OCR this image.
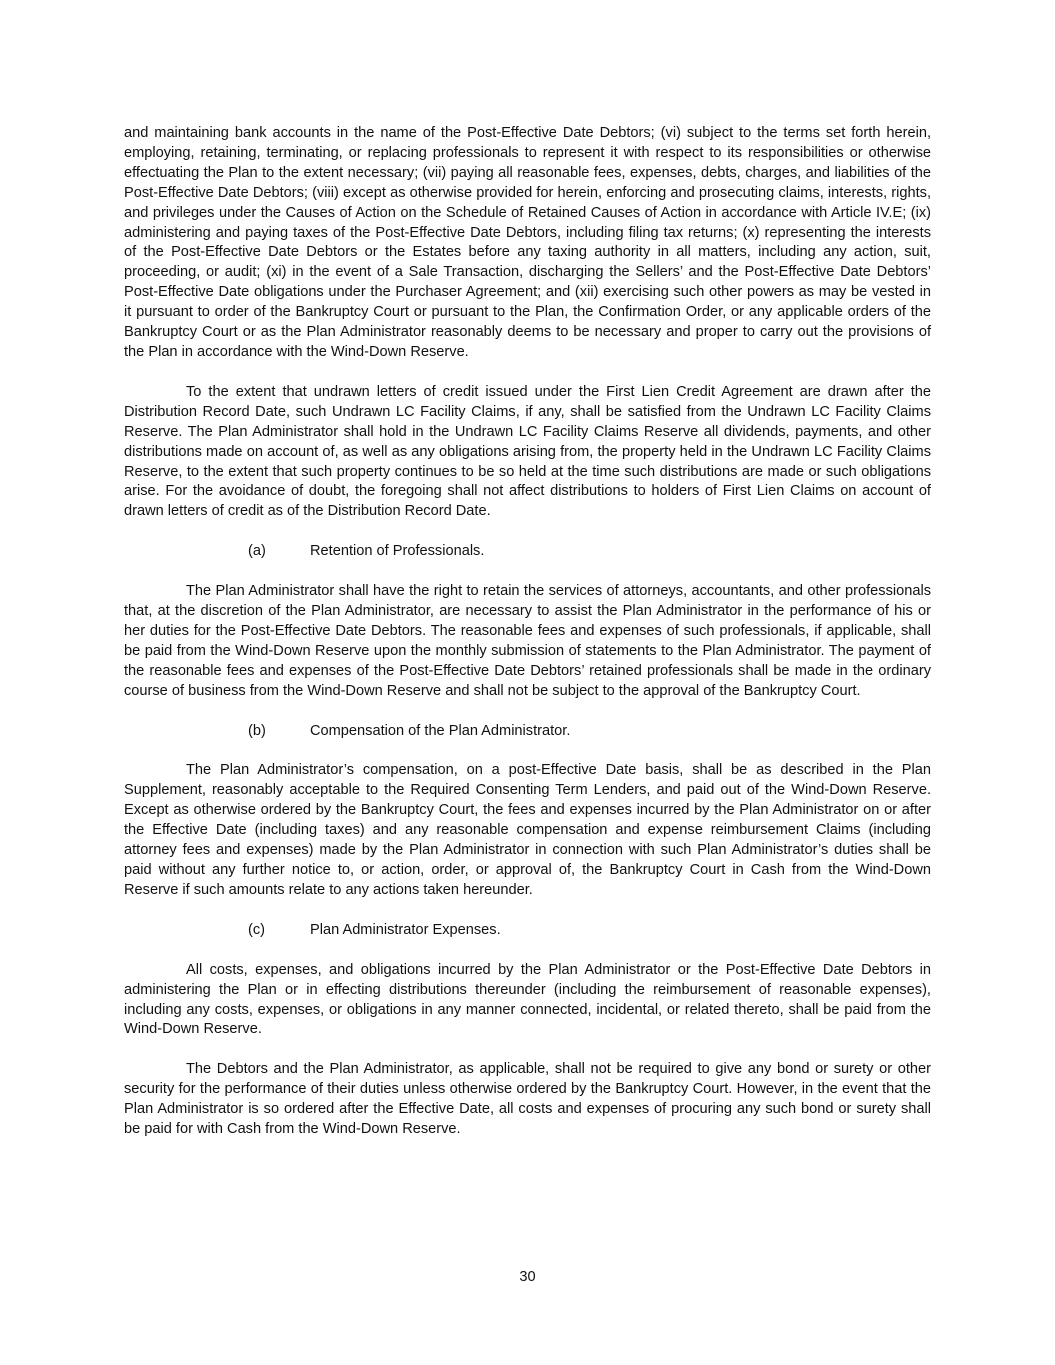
and maintaining bank accounts in the name of the Post-Effective Date Debtors; (vi) subject to the terms set forth herein, employing, retaining, terminating, or replacing professionals to represent it with respect to its responsibilities or otherwise effectuating the Plan to the extent necessary; (vii) paying all reasonable fees, expenses, debts, charges, and liabilities of the Post-Effective Date Debtors; (viii) except as otherwise provided for herein, enforcing and prosecuting claims, interests, rights, and privileges under the Causes of Action on the Schedule of Retained Causes of Action in accordance with Article IV.E; (ix) administering and paying taxes of the Post-Effective Date Debtors, including filing tax returns; (x) representing the interests of the Post-Effective Date Debtors or the Estates before any taxing authority in all matters, including any action, suit, proceeding, or audit; (xi) in the event of a Sale Transaction, discharging the Sellers’ and the Post-Effective Date Debtors’ Post-Effective Date obligations under the Purchaser Agreement; and (xii) exercising such other powers as may be vested in it pursuant to order of the Bankruptcy Court or pursuant to the Plan, the Confirmation Order, or any applicable orders of the Bankruptcy Court or as the Plan Administrator reasonably deems to be necessary and proper to carry out the provisions of the Plan in accordance with the Wind-Down Reserve.

To the extent that undrawn letters of credit issued under the First Lien Credit Agreement are drawn after the Distribution Record Date, such Undrawn LC Facility Claims, if any, shall be satisfied from the Undrawn LC Facility Claims Reserve. The Plan Administrator shall hold in the Undrawn LC Facility Claims Reserve all dividends, payments, and other distributions made on account of, as well as any obligations arising from, the property held in the Undrawn LC Facility Claims Reserve, to the extent that such property continues to be so held at the time such distributions are made or such obligations arise. For the avoidance of doubt, the foregoing shall not affect distributions to holders of First Lien Claims on account of drawn letters of credit as of the Distribution Record Date.

(a)	Retention of Professionals.

The Plan Administrator shall have the right to retain the services of attorneys, accountants, and other professionals that, at the discretion of the Plan Administrator, are necessary to assist the Plan Administrator in the performance of his or her duties for the Post-Effective Date Debtors. The reasonable fees and expenses of such professionals, if applicable, shall be paid from the Wind-Down Reserve upon the monthly submission of statements to the Plan Administrator. The payment of the reasonable fees and expenses of the Post-Effective Date Debtors’ retained professionals shall be made in the ordinary course of business from the Wind-Down Reserve and shall not be subject to the approval of the Bankruptcy Court.

(b)	Compensation of the Plan Administrator.

The Plan Administrator’s compensation, on a post-Effective Date basis, shall be as described in the Plan Supplement, reasonably acceptable to the Required Consenting Term Lenders, and paid out of the Wind-Down Reserve. Except as otherwise ordered by the Bankruptcy Court, the fees and expenses incurred by the Plan Administrator on or after the Effective Date (including taxes) and any reasonable compensation and expense reimbursement Claims (including attorney fees and expenses) made by the Plan Administrator in connection with such Plan Administrator’s duties shall be paid without any further notice to, or action, order, or approval of, the Bankruptcy Court in Cash from the Wind-Down Reserve if such amounts relate to any actions taken hereunder.

(c)	Plan Administrator Expenses.

All costs, expenses, and obligations incurred by the Plan Administrator or the Post-Effective Date Debtors in administering the Plan or in effecting distributions thereunder (including the reimbursement of reasonable expenses), including any costs, expenses, or obligations in any manner connected, incidental, or related thereto, shall be paid from the Wind-Down Reserve.

The Debtors and the Plan Administrator, as applicable, shall not be required to give any bond or surety or other security for the performance of their duties unless otherwise ordered by the Bankruptcy Court. However, in the event that the Plan Administrator is so ordered after the Effective Date, all costs and expenses of procuring any such bond or surety shall be paid for with Cash from the Wind-Down Reserve.

30
